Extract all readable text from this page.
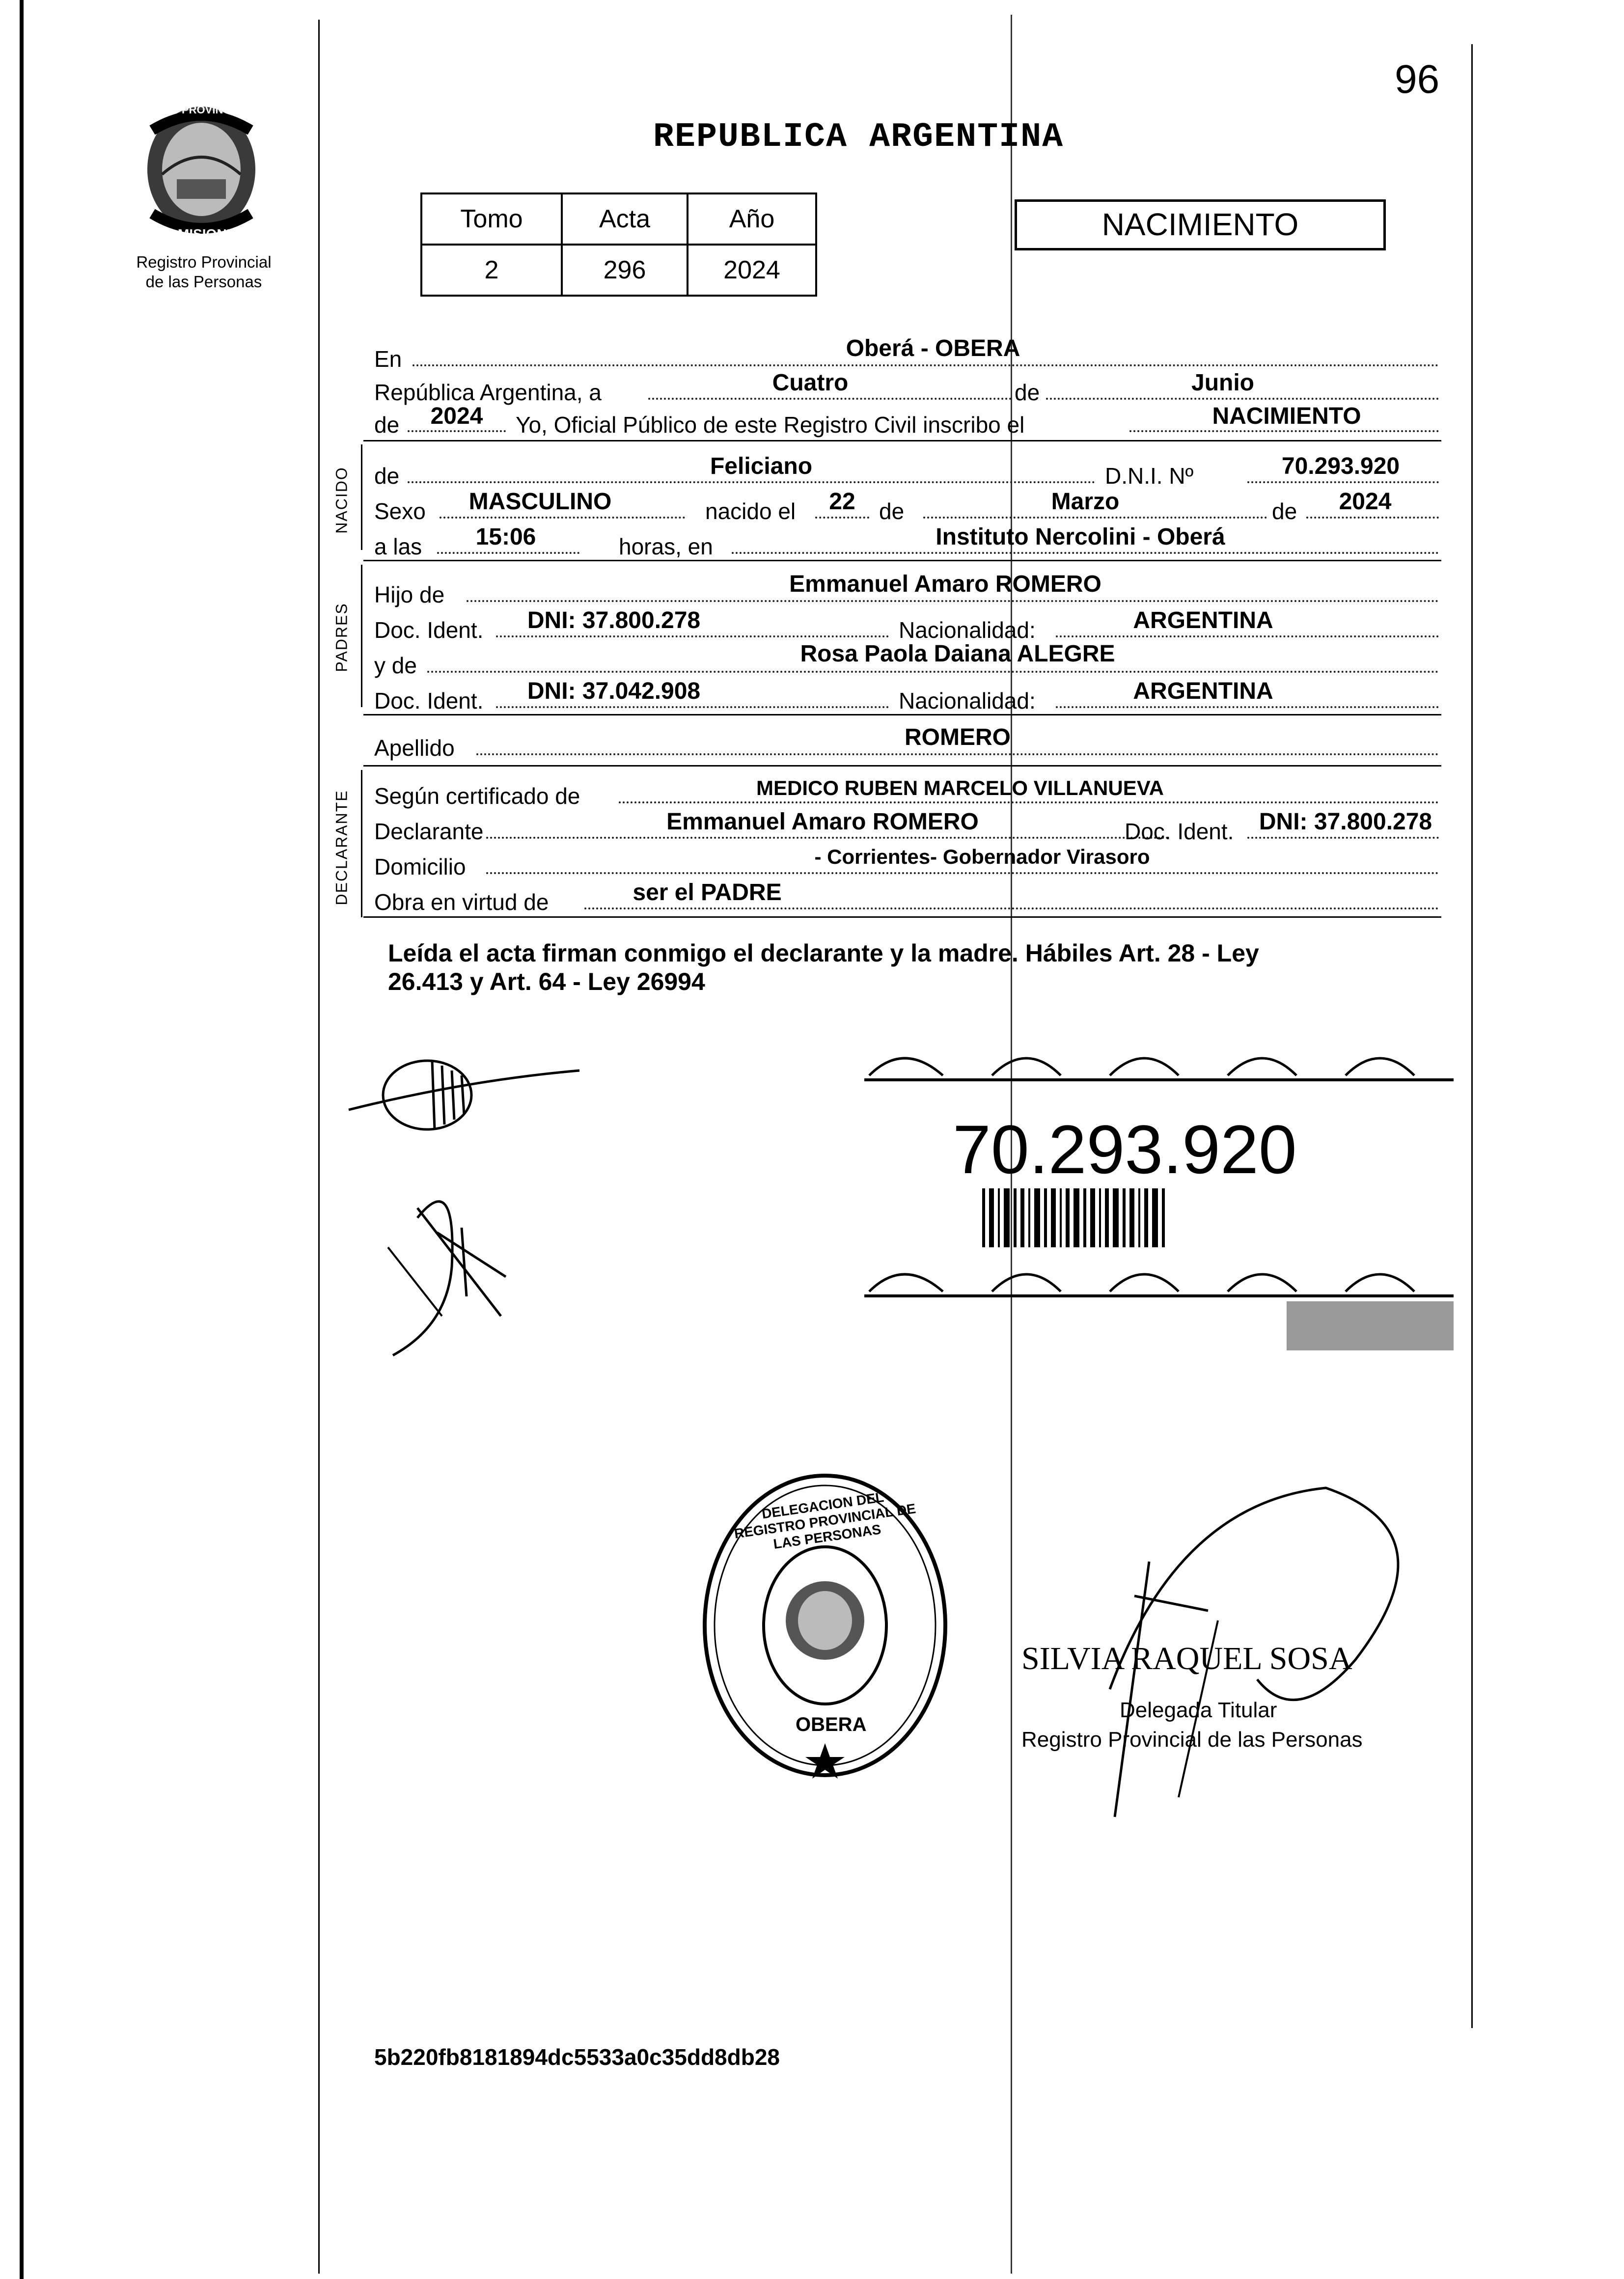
96
PROVINCIA DE
MISIONES
Registro Provincial
de las Personas
REPUBLICA ARGENTINA
Tomo	Acta	Año
2	296	2024
NACIMIENTO
En	Oberá - OBERA
República Argentina, a	Cuatro	de	Junio
de	2024	Yo, Oficial Público de este Registro Civil inscribo el	NACIMIENTO
NACIDO de	Feliciano	D.N.I. Nº	70.293.920
Sexo	MASCULINO	nacido el	22	de	Marzo	de	2024
a las	15:06	horas, en	Instituto Nercolini - Oberá
PADRES
Hijo de	Emmanuel Amaro ROMERO
Doc. Ident.	DNI: 37.800.278	Nacionalidad:	ARGENTINA
y de	Rosa Paola Daiana ALEGRE
Doc. Ident.	DNI: 37.042.908	Nacionalidad:	ARGENTINA
Apellido	ROMERO
DECLARANTE Según certificado de	MEDICO RUBEN MARCELO VILLANUEVA
Declarante	Emmanuel Amaro ROMERO	Doc. Ident.	DNI: 37.800.278
Domicilio	- Corrientes- Gobernador Virasoro
Obra en virtud de	ser el PADRE
Leída el acta firman conmigo el declarante y la madre. Hábiles Art. 28 - Ley
26.413 y Art. 64 - Ley 26994
70.293.920
DELEGACION DEL REGISTRO PROVINCIAL DE LAS PERSONAS
OBERA
SILVIA RAQUEL SOSA
Delegada Titular
Registro Provincial de las Personas
5b220fb8181894dc5533a0c35dd8db28
